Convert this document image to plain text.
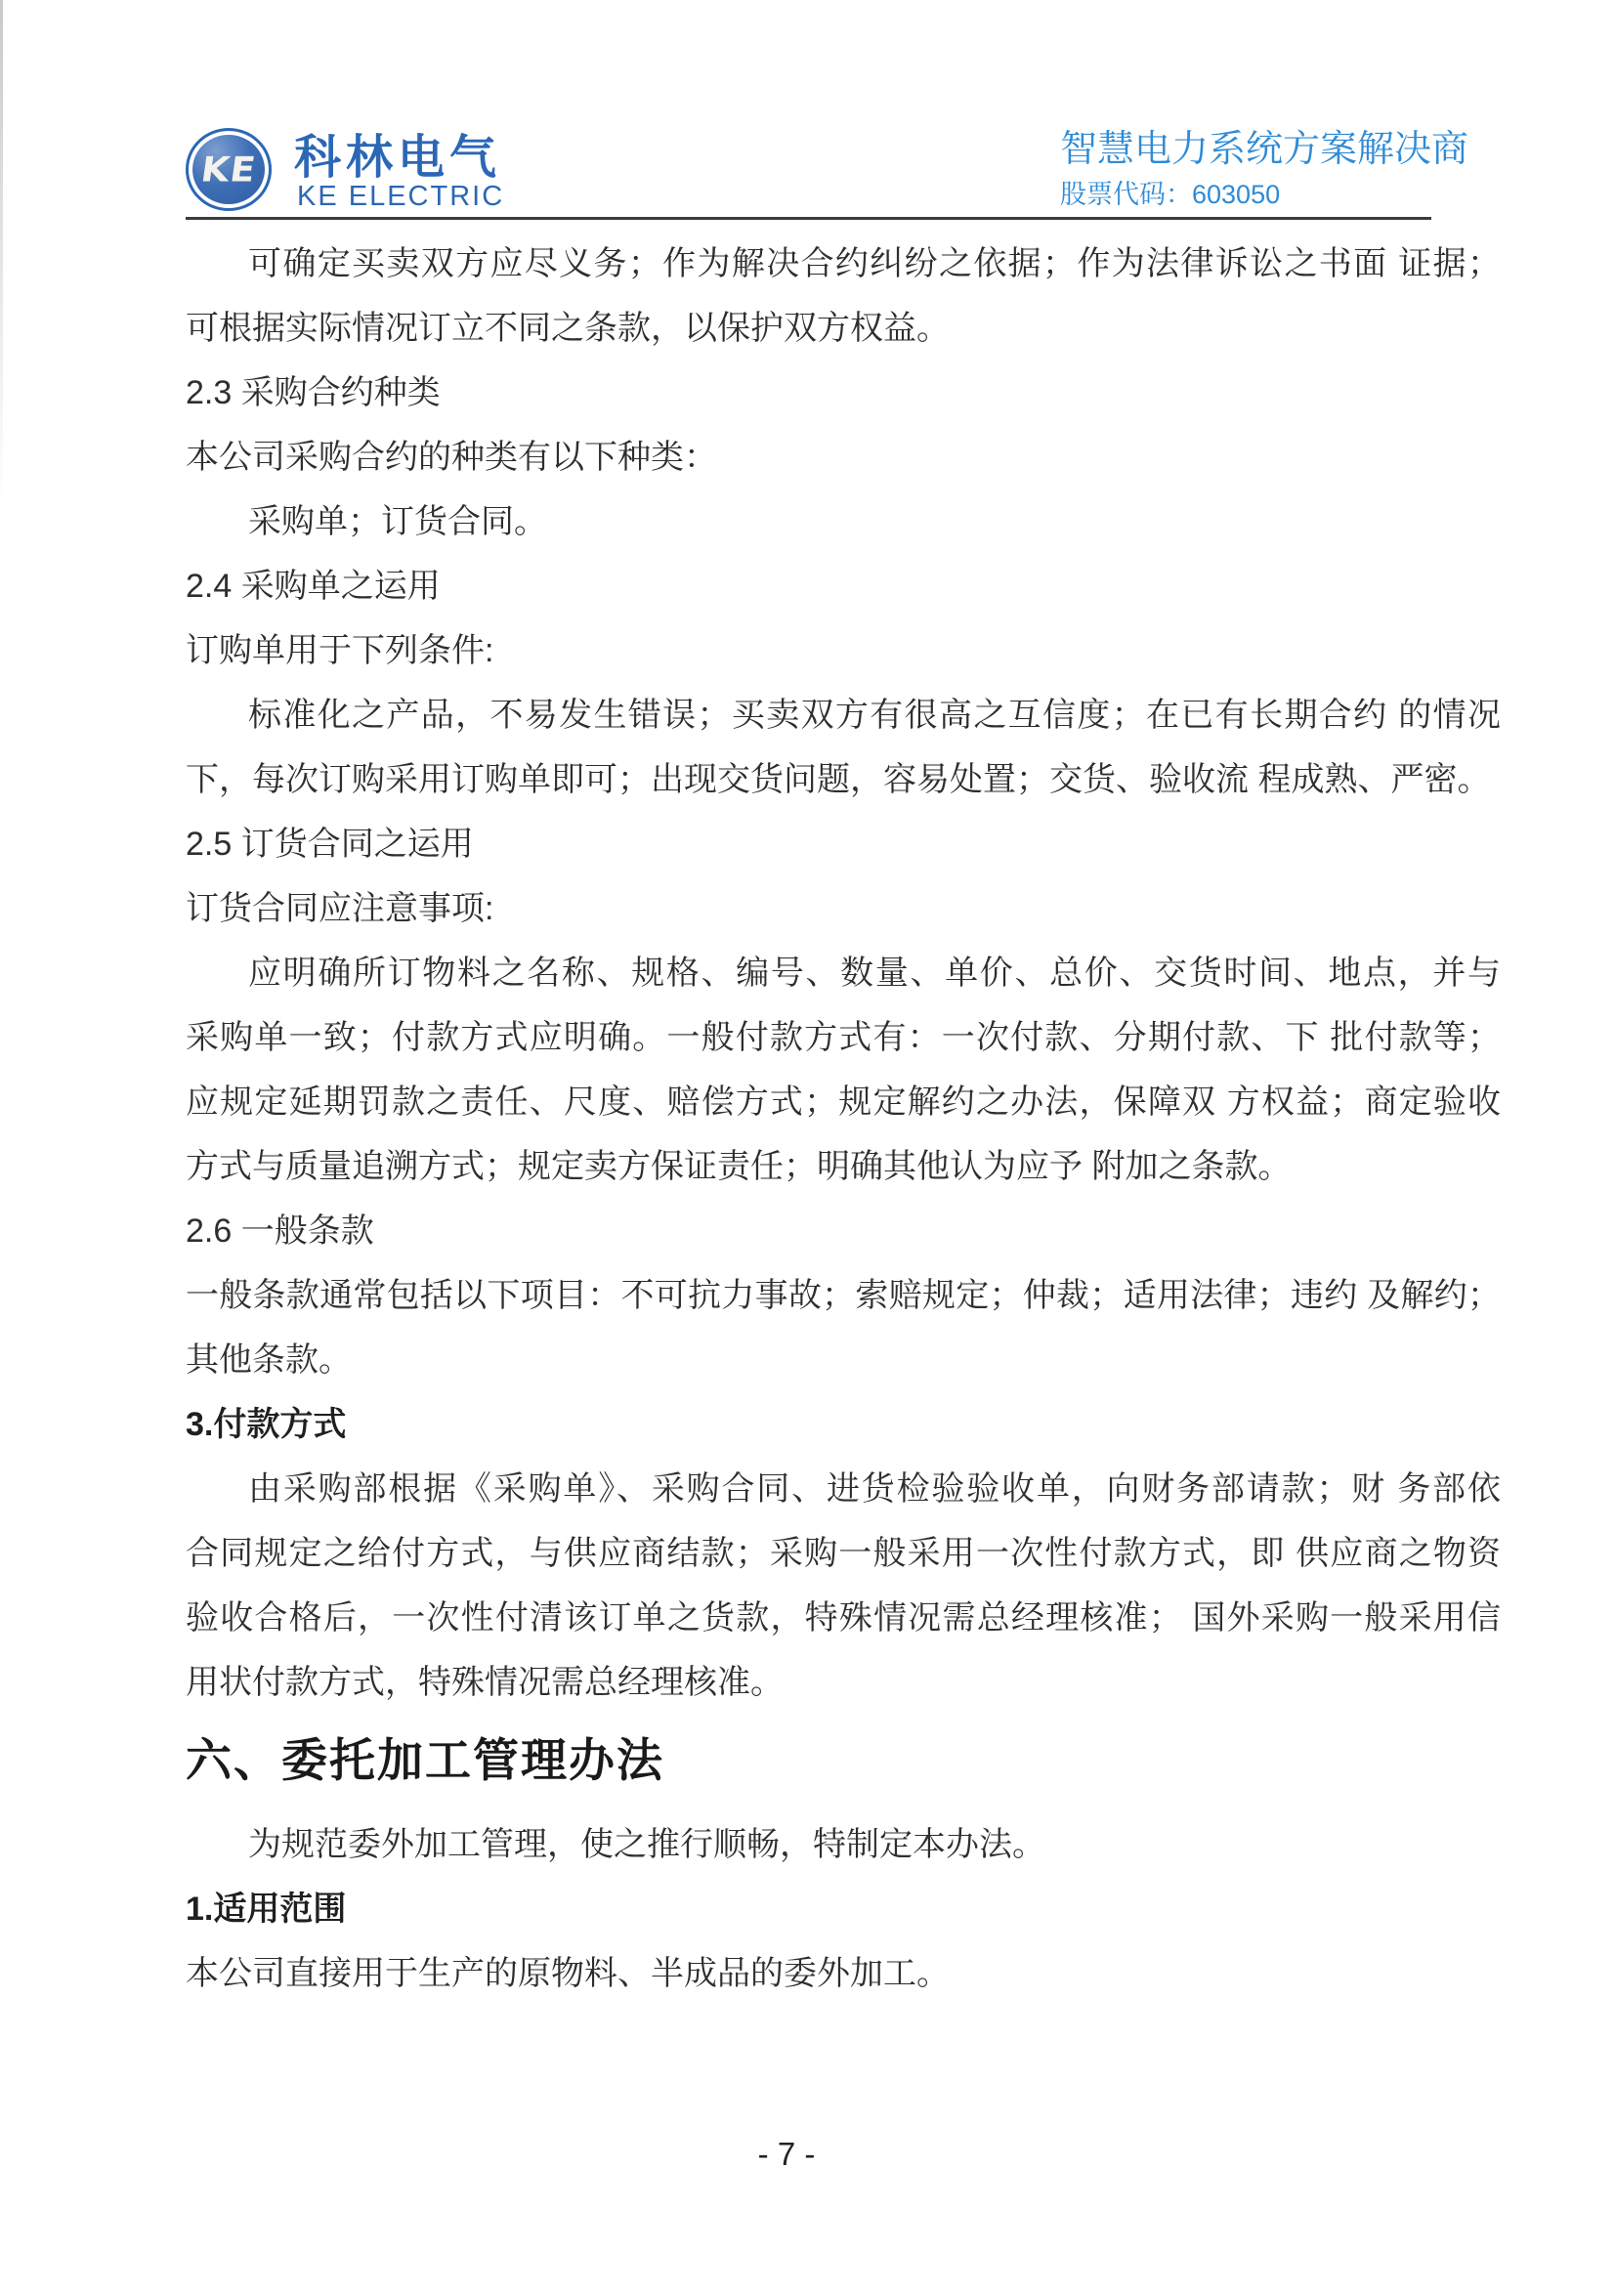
KE 科林电气
KE ELECTRIC
智慧电力系统方案解决商
股票代码：603050
可确定买卖双方应尽义务；作为解决合约纠纷之依据；作为法律诉讼之书面 证据；
可根据实际情况订立不同之条款，以保护双方权益。
2.3 采购合约种类
本公司采购合约的种类有以下种类：
采购单；订货合同。
2.4 采购单之运用
订购单用于下列条件:
标准化之产品，不易发生错误；买卖双方有很高之互信度；在已有长期合约 的情况
下，每次订购采用订购单即可；出现交货问题，容易处置；交货、验收流 程成熟、严密。
2.5 订货合同之运用
订货合同应注意事项:
应明确所订物料之名称、规格、编号、数量、单价、总价、交货时间、地点，并与
采购单一致；付款方式应明确。一般付款方式有：一次付款、分期付款、下 批付款等；
应规定延期罚款之责任、尺度、赔偿方式；规定解约之办法，保障双 方权益；商定验收
方式与质量追溯方式；规定卖方保证责任；明确其他认为应予 附加之条款。
2.6 一般条款
一般条款通常包括以下项目：不可抗力事故；索赔规定；仲裁；适用法律；违约 及解约；
其他条款。
3.付款方式
由采购部根据《采购单》、采购合同、进货检验验收单，向财务部请款；财 务部依
合同规定之给付方式，与供应商结款；采购一般采用一次性付款方式，即 供应商之物资
验收合格后，一次性付清该订单之货款，特殊情况需总经理核准； 国外采购一般采用信
用状付款方式，特殊情况需总经理核准。
六、委托加工管理办法
为规范委外加工管理，使之推行顺畅，特制定本办法。
1.适用范围
本公司直接用于生产的原物料、半成品的委外加工。
- 7 -
